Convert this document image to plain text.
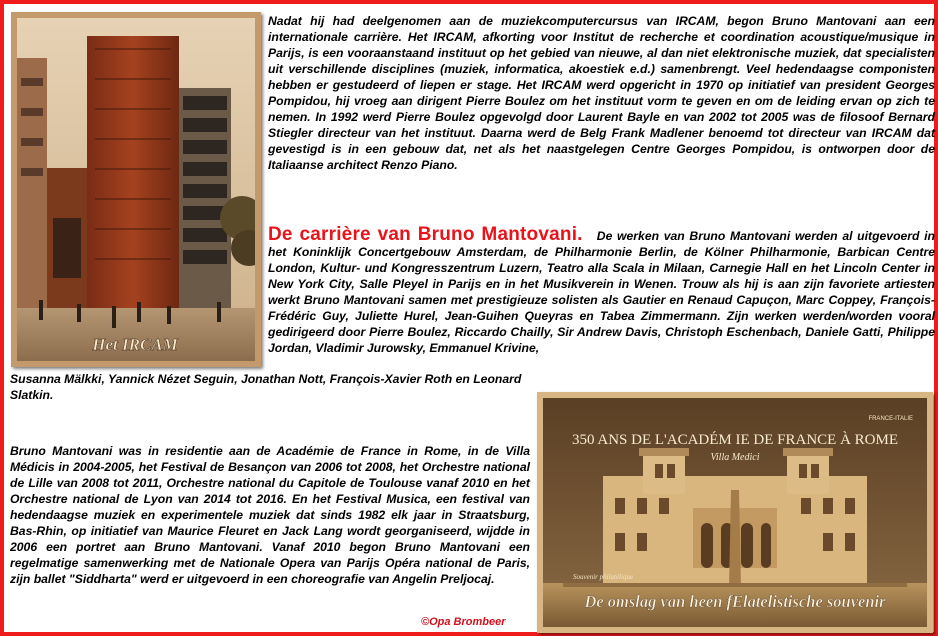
Het IRCAM

Nadat hij had deelgenomen aan de muziekcomputercursus van IRCAM, begon Bruno Mantovani aan een internationale carrière. Het IRCAM, afkorting voor Institut de recherche et coordination acoustique/musique in Parijs, is een vooraanstaand instituut op het gebied van nieuwe, al dan niet elektronische muziek, dat specialisten uit verschillende disciplines (muziek, informatica, akoestiek e.d.) samenbrengt. Veel hedendaagse componisten hebben er gestudeerd of liepen er stage. Het IRCAM werd opgericht in 1970 op initiatief van president Georges Pompidou, hij vroeg aan dirigent Pierre Boulez om het instituut vorm te geven en om de leiding ervan op zich te nemen. In 1992 werd Pierre Boulez opgevolgd door Laurent Bayle en van 2002 tot 2005 was de filosoof Bernard Stiegler directeur van het instituut. Daarna werd de Belg Frank Madlener benoemd tot directeur van IRCAM dat gevestigd is in een gebouw dat, net als het naastgelegen Centre Georges Pompidou, is ontworpen door de Italiaanse architect Renzo Piano.

De carrière van Bruno Mantovani. De werken van Bruno Mantovani werden al uitgevoerd in het Koninklijk Concertgebouw Amsterdam, de Philharmonie Berlin, de Kölner Philharmonie, Barbican Centre London, Kultur- und Kongresszentrum Luzern, Teatro alla Scala in Milaan, Carnegie Hall en het Lincoln Center in New York City, Salle Pleyel in Parijs en in het Musikverein in Wenen. Trouw als hij is aan zijn favoriete artiesten werkt Bruno Mantovani samen met prestigieuze solisten als Gautier en Renaud Capuçon, Marc Coppey, François-Frédéric Guy, Juliette Hurel, Jean-Guihen Queyras en Tabea Zimmermann. Zijn werken werden/worden vooral gedirigeerd door Pierre Boulez, Riccardo Chailly, Sir Andrew Davis, Christoph Eschenbach, Daniele Gatti, Philippe Jordan, Vladimir Jurowsky, Emmanuel Krivine,

Susanna Mälkki, Yannick Nézet Seguin, Jonathan Nott, François-Xavier Roth en Leonard Slatkin.

Bruno Mantovani was in residentie aan de Académie de France in Rome, in de Villa Médicis in 2004-2005, het Festival de Besançon van 2006 tot 2008, het Orchestre national de Lille van 2008 tot 2011, Orchestre national du Capitole de Toulouse vanaf 2010 en het Orchestre national de Lyon van 2014 tot 2016. En het Festival Musica, een festival van hedendaagse muziek en experimentele muziek dat sinds 1982 elk jaar in Straatsburg, Bas-Rhin, op initiatief van Maurice Fleuret en Jack Lang wordt georganiseerd, wijdde in 2006 een portret aan Bruno Mantovani. Vanaf 2010 begon Bruno Mantovani een regelmatige samenwerking met de Nationale Opera van Parijs Opéra national de Paris, zijn ballet "Siddharta" werd er uitgevoerd in een choreografie van Angelin Preljocaj.

©Opa Brombeer
FRANCE-ITALIE
350 ANS DE L'ACADÉM IE DE FRANCE À ROME
Villa Medici
Souvenir philatélique
De omslag van heen fElatelistische souvenir
